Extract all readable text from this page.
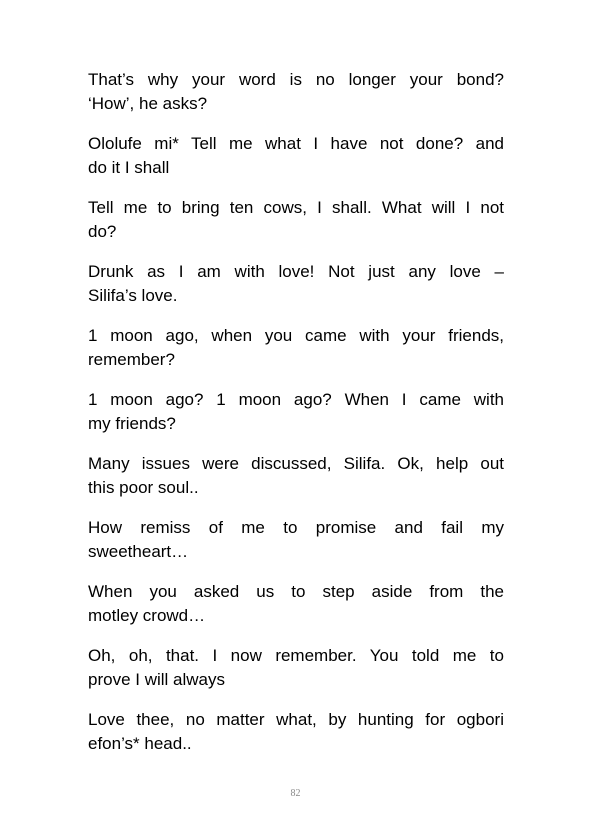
That’s why your word is no longer your bond?
‘How’, he asks?

Ololufe mi* Tell me what I have not done? and
do it I shall

Tell me to bring ten cows, I shall. What will I not
do?

Drunk as I am with love! Not just any love –
Silifa’s love.

1 moon ago, when you came with your friends,
remember?

1 moon ago? 1 moon ago? When I came with
my friends?

Many issues were discussed, Silifa. Ok, help out
this poor soul..

How remiss of me to promise and fail my
sweetheart…

When you asked us to step aside from the
motley crowd…

Oh, oh, that. I now remember. You told me to
prove I will always

Love thee, no matter what, by hunting for ogbori
efon’s* head..

82
